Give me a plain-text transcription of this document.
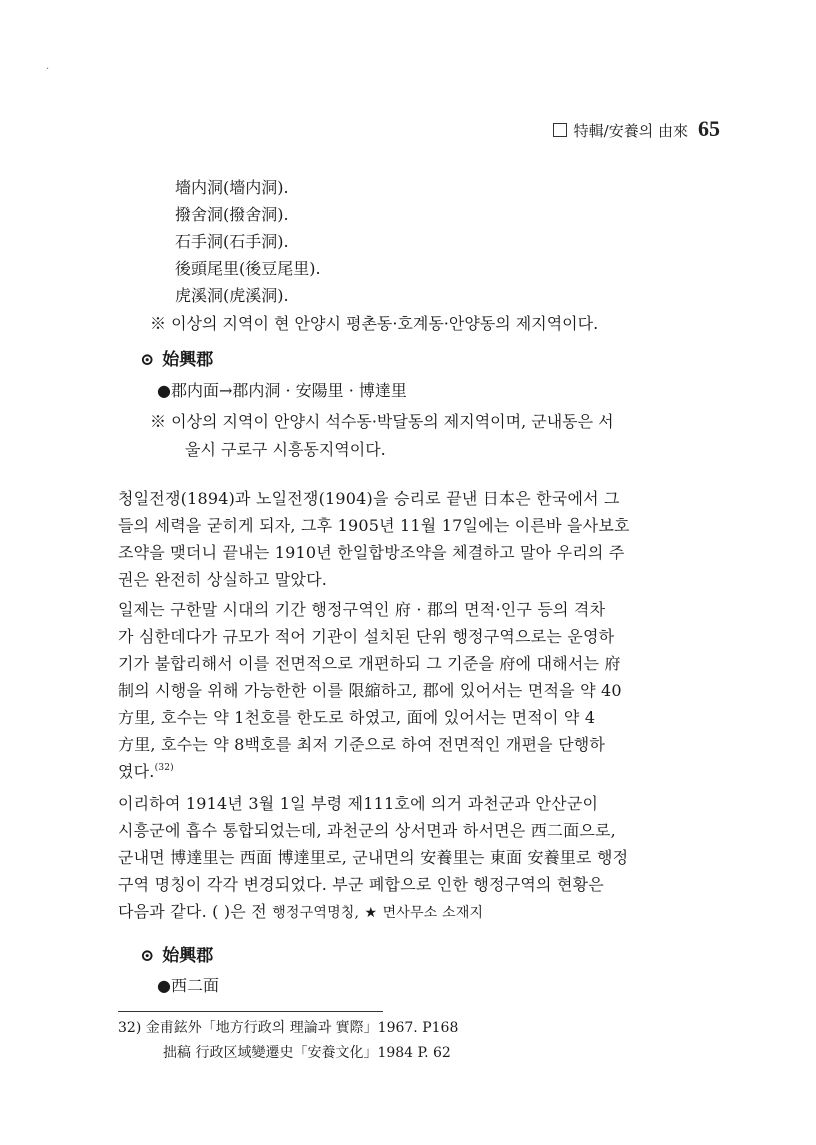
·
特輯/安養의 由來 65
墻内洞(墻内洞).
撥舍洞(撥舍洞).
石手洞(石手洞).
後頭尾里(後豆尾里).
虎溪洞(虎溪洞).
※ 이상의 지역이 현 안양시 평촌동·호계동·안양동의 제지역이다.
⊙ 始興郡
●郡内面→郡内洞 · 安陽里 · 博達里
※ 이상의 지역이 안양시 석수동·박달동의 제지역이며, 군내동은 서
울시 구로구 시흥동지역이다.
청일전쟁(1894)과 노일전쟁(1904)을 승리로 끝낸 日本은 한국에서 그
들의 세력을 굳히게 되자, 그후 1905년 11월 17일에는 이른바 을사보호
조약을 맺더니 끝내는 1910년 한일합방조약을 체결하고 말아 우리의 주
권은 완전히 상실하고 말았다.
일제는 구한말 시대의 기간 행정구역인 府 · 郡의 면적·인구 등의 격차
가 심한데다가 규모가 적어 기관이 설치된 단위 행정구역으로는 운영하
기가 불합리해서 이를 전면적으로 개편하되 그 기준을 府에 대해서는 府
制의 시행을 위해 가능한한 이를 限縮하고, 郡에 있어서는 면적을 약 40
方里, 호수는 약 1천호를 한도로 하였고, 面에 있어서는 면적이 약 4
方里, 호수는 약 8백호를 최저 기준으로 하여 전면적인 개편을 단행하
였다.$^{(32)}$
이리하여 1914년 3월 1일 부령 제111호에 의거 과천군과 안산군이
시흥군에 흡수 통합되었는데, 과천군의 상서면과 하서면은 西二面으로,
군내면 博達里는 西面 博達里로, 군내면의 安養里는 東面 安養里로 행정
구역 명칭이 각각 변경되었다. 부군 폐합으로 인한 행정구역의 현황은
다음과 같다. ( )은 전 행정구역명칭, ★ 면사무소 소재지
⊙ 始興郡
●西二面
32) 金甫鉉外「地方行政의 理論과 實際」1967. P168
拙稿 行政区域變遷史「安養文化」1984 P. 62
